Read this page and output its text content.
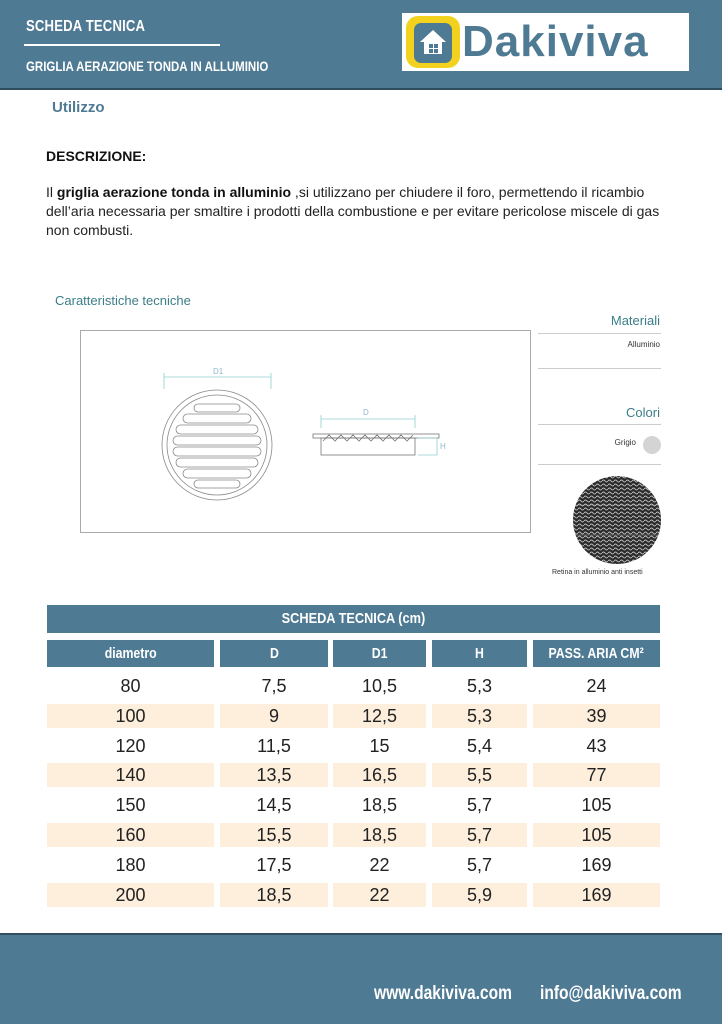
SCHEDA TECNICA
GRIGLIA AERAZIONE TONDA IN ALLUMINIO	Dakiviva
Utilizzo
DESCRIZIONE:
Il griglia aerazione tonda in alluminio ,si utilizzano per chiudere il foro, permettendo il ricambio dell’aria necessaria per smaltire i prodotti della combustione e per evitare pericolose miscele di gas non combusti.
Caratteristiche tecniche
D1
D
H
Materiali
Alluminio
Colori
Grigio
Retina in alluminio anti insetti
SCHEDA TECNICA (cm)
diametro	D	D1	H	PASS. ARIA CM²
80	7,5	10,5	5,3	24
100	9	12,5	5,3	39
120	11,5	15	5,4	43
140	13,5	16,5	5,5	77
150	14,5	18,5	5,7	105
160	15,5	18,5	5,7	105
180	17,5	22	5,7	169
200	18,5	22	5,9	169
www.dakiviva.com info@dakiviva.com
